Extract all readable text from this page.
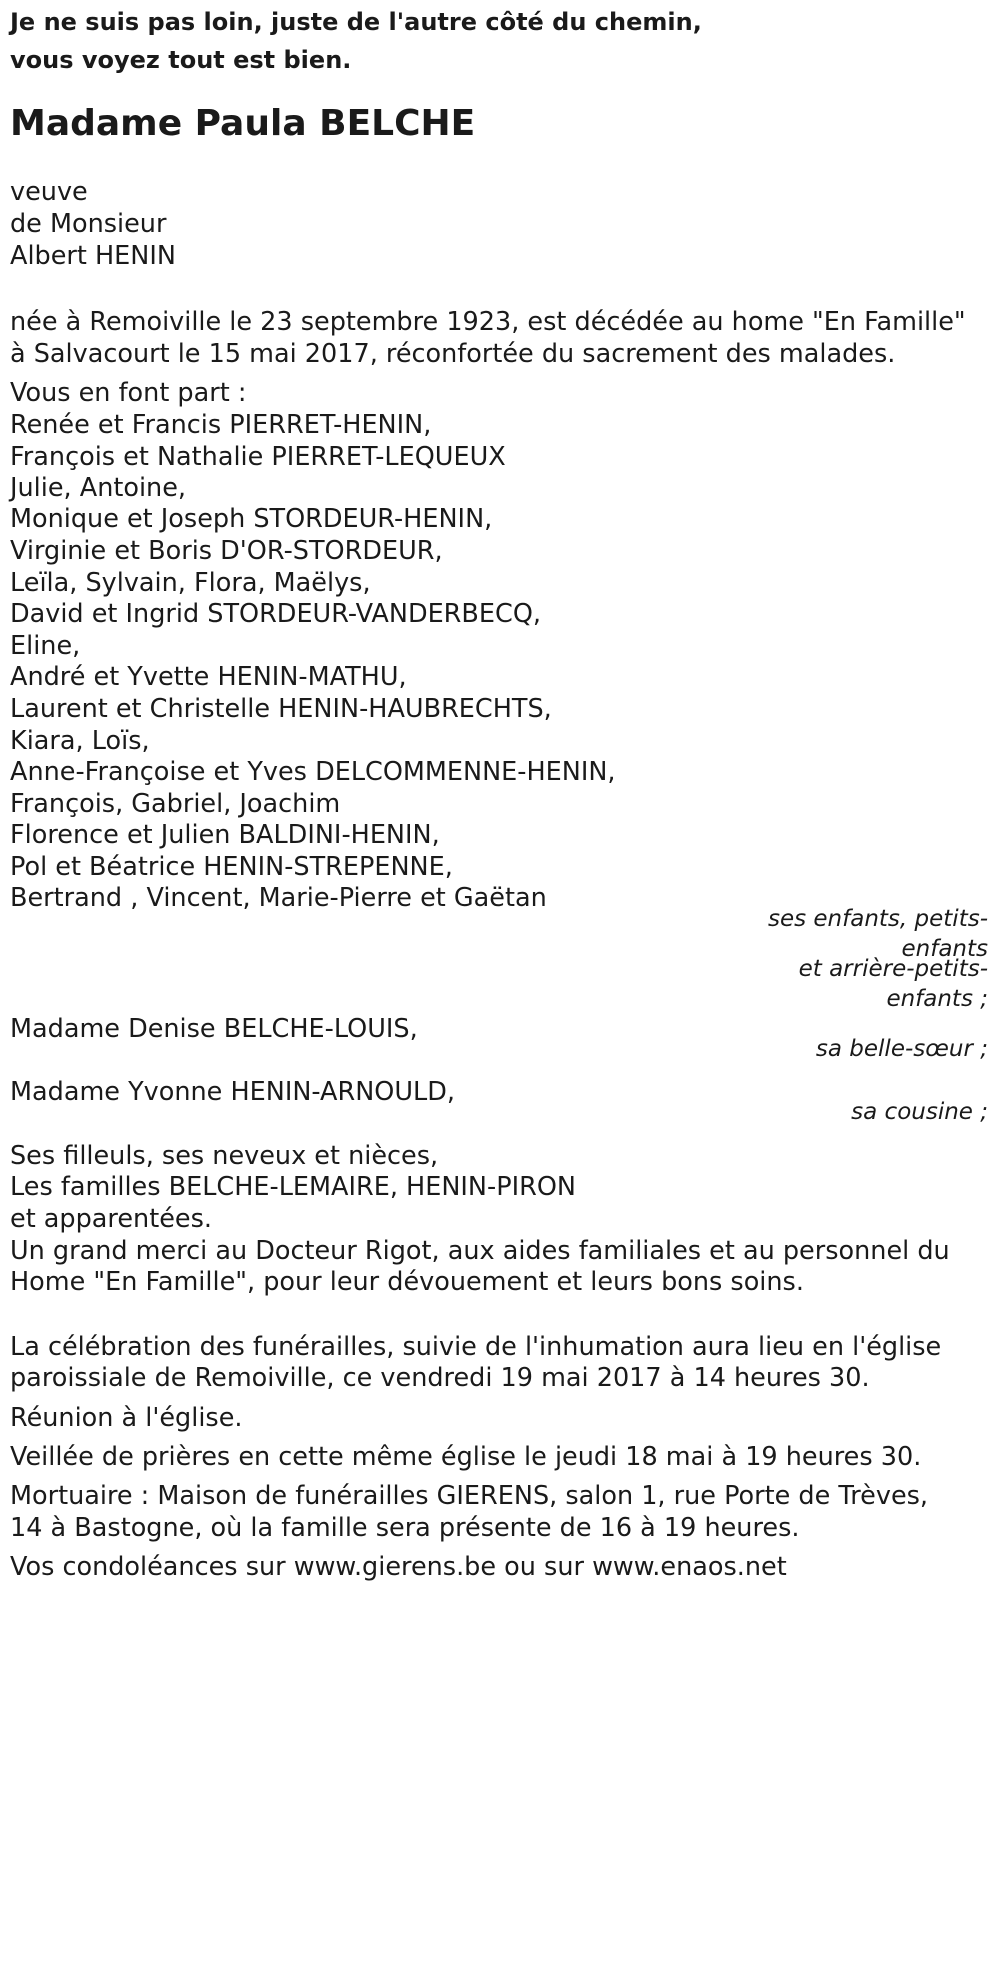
Je ne suis pas loin, juste de l'autre côté du chemin,
vous voyez tout est bien.
Madame Paula BELCHE
veuve
de Monsieur
Albert HENIN
née à Remoiville le 23 septembre 1923, est décédée au home "En Famille"
à Salvacourt le 15 mai 2017, réconfortée du sacrement des malades.
Vous en font part :
Renée et Francis PIERRET-HENIN,
François et Nathalie PIERRET-LEQUEUX
Julie, Antoine,
Monique et Joseph STORDEUR-HENIN,
Virginie et Boris D'OR-STORDEUR,
Leïla, Sylvain, Flora, Maëlys,
David et Ingrid STORDEUR-VANDERBECQ,
Eline,
André et Yvette HENIN-MATHU,
Laurent et Christelle HENIN-HAUBRECHTS,
Kiara, Loïs,
Anne-Françoise et Yves DELCOMMENNE-HENIN,
François, Gabriel, Joachim
Florence et Julien BALDINI-HENIN,
Pol et Béatrice HENIN-STREPENNE,
Bertrand , Vincent, Marie-Pierre et Gaëtan
ses enfants, petits-
enfants
et arrière-petits-
enfants ;
Madame Denise BELCHE-LOUIS,
sa belle-sœur ;
Madame Yvonne HENIN-ARNOULD,
sa cousine ;
Ses filleuls, ses neveux et nièces,
Les familles BELCHE-LEMAIRE, HENIN-PIRON
et apparentées.
Un grand merci au Docteur Rigot, aux aides familiales et au personnel du
Home "En Famille", pour leur dévouement et leurs bons soins.
La célébration des funérailles, suivie de l'inhumation aura lieu en l'église
paroissiale de Remoiville, ce vendredi 19 mai 2017 à 14 heures 30.
Réunion à l'église.
Veillée de prières en cette même église le jeudi 18 mai à 19 heures 30.
Mortuaire : Maison de funérailles GIERENS, salon 1, rue Porte de Trèves,
14 à Bastogne, où la famille sera présente de 16 à 19 heures.
Vos condoléances sur www.gierens.be ou sur www.enaos.net
